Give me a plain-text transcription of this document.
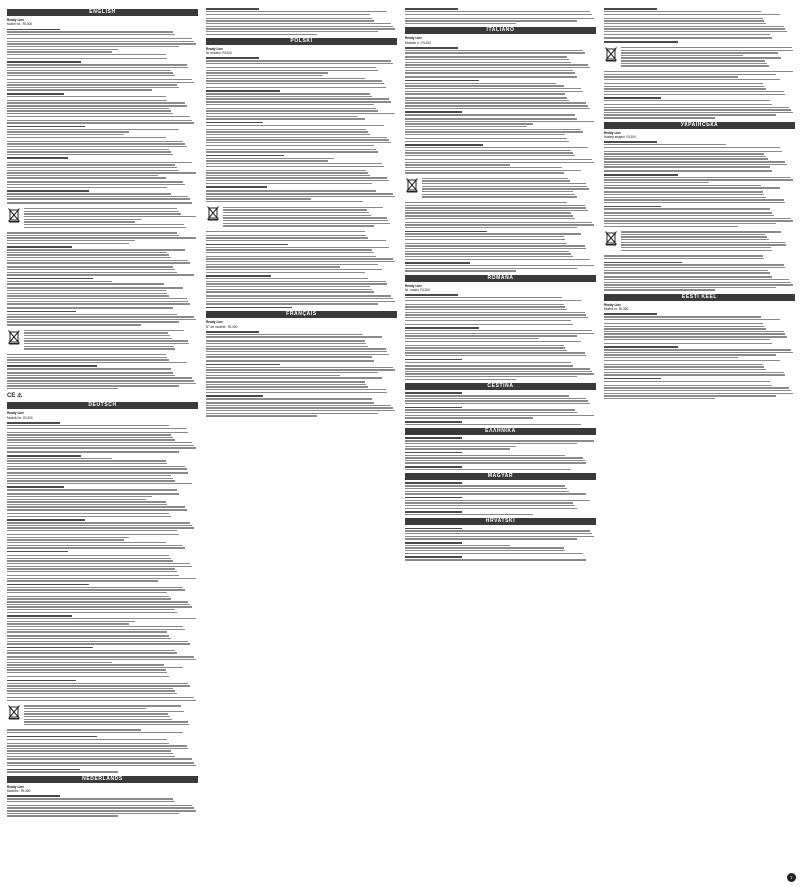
ENGLISH
Ready Line
Model no.: RL300
CE ⚠
DEUTSCH
Ready Line
Modell-Nr.: RL300
NEDERLANDS
Ready Line
Modelnr.: RL300
POLSKI
Ready Line
Nr modelu: RL300
FRANÇAIS
Ready Line
N° de modèle : RL300
ITALIANO
Ready Line
Modello n.: RL300
ROMÂNĂ
Ready Line
Nr. model: RL300
ČEŠTINA
ΕΛΛΗΝΙΚΑ
MAGYAR
HRVATSKI
УКРАЇНСЬКА
Ready Line
Номер моделі: RL300
EESTI KEEL
Ready Line
Mudeli nr: RL300
7
